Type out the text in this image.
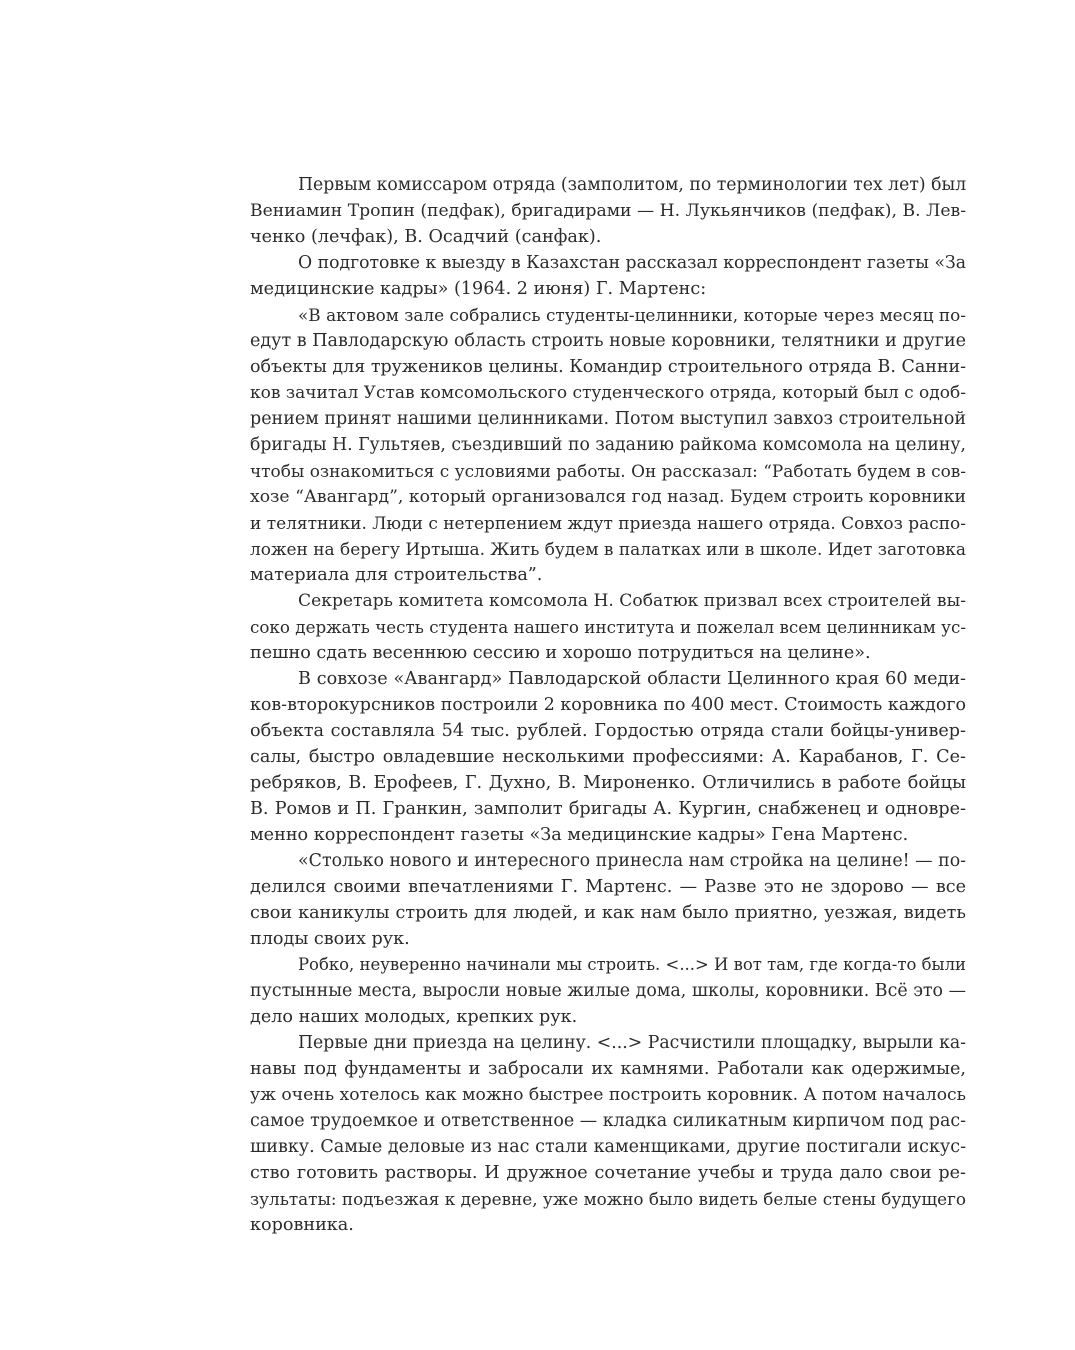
Первым комиссаром отряда (замполитом, по терминологии тех лет) был
Вениамин Тропин (педфак), бригадирами — Н. Лукьянчиков (педфак), В. Лев-
ченко (лечфак), В. Осадчий (санфак).
О подготовке к выезду в Казахстан рассказал корреспондент газеты «За
медицинские кадры» (1964. 2 июня) Г. Мартенс:
«В актовом зале собрались студенты-целинники, которые через месяц по-
едут в Павлодарскую область строить новые коровники, телятники и другие
объекты для тружеников целины. Командир строительного отряда В. Санни-
ков зачитал Устав комсомольского студенческого отряда, который был с одоб-
рением принят нашими целинниками. Потом выступил завхоз строительной
бригады Н. Гультяев, съездивший по заданию райкома комсомола на целину,
чтобы ознакомиться с условиями работы. Он рассказал: “Работать будем в сов-
хозе “Авангард”, который организовался год назад. Будем строить коровники
и телятники. Люди с нетерпением ждут приезда нашего отряда. Совхоз распо-
ложен на берегу Иртыша. Жить будем в палатках или в школе. Идет заготовка
материала для строительства”.
Секретарь комитета комсомола Н. Собатюк призвал всех строителей вы-
соко держать честь студента нашего института и пожелал всем целинникам ус-
пешно сдать весеннюю сессию и хорошо потрудиться на целине».
В совхозе «Авангард» Павлодарской области Целинного края 60 меди-
ков-второкурсников построили 2 коровника по 400 мест. Стоимость каждого
объекта составляла 54 тыс. рублей. Гордостью отряда стали бойцы-универ-
салы, быстро овладевшие несколькими профессиями: А. Карабанов, Г. Се-
ребряков, В. Ерофеев, Г. Духно, В. Мироненко. Отличились в работе бойцы
В. Ромов и П. Гранкин, замполит бригады А. Кургин, снабженец и одновре-
менно корреспондент газеты «За медицинские кадры» Гена Мартенс.
«Столько нового и интересного принесла нам стройка на целине! — по-
делился своими впечатлениями Г. Мартенс. — Разве это не здорово — все
свои каникулы строить для людей, и как нам было приятно, уезжая, видеть
плоды своих рук.
Робко, неуверенно начинали мы строить. <...> И вот там, где когда-то были
пустынные места, выросли новые жилые дома, школы, коровники. Всё это —
дело наших молодых, крепких рук.
Первые дни приезда на целину. <...> Расчистили площадку, вырыли ка-
навы под фундаменты и забросали их камнями. Работали как одержимые,
уж очень хотелось как можно быстрее построить коровник. А потом началось
самое трудоемкое и ответственное — кладка силикатным кирпичом под рас-
шивку. Самые деловые из нас стали каменщиками, другие постигали искус-
ство готовить растворы. И дружное сочетание учебы и труда дало свои ре-
зультаты: подъезжая к деревне, уже можно было видеть белые стены будущего
коровника.
